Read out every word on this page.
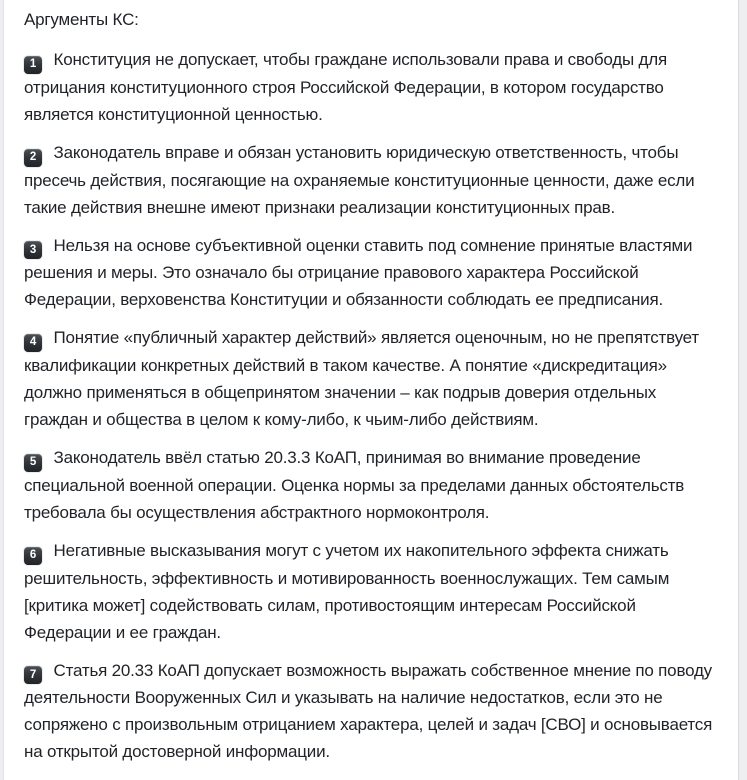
Аргументы КС:

1 Конституция не допускает, чтобы граждане использовали права и свободы для отрицания конституционного строя Российской Федерации, в котором государство является конституционной ценностью.

2 Законодатель вправе и обязан установить юридическую ответственность, чтобы пресечь действия, посягающие на охраняемые конституционные ценности, даже если такие действия внешне имеют признаки реализации конституционных прав.

3 Нельзя на основе субъективной оценки ставить под сомнение принятые властями решения и меры. Это означало бы отрицание правового характера Российской Федерации, верховенства Конституции и обязанности соблюдать ее предписания.

4 Понятие «публичный характер действий» является оценочным, но не препятствует квалификации конкретных действий в таком качестве. А понятие «дискредитация» должно применяться в общепринятом значении – как подрыв доверия отдельных граждан и общества в целом к кому-либо, к чьим-либо действиям.

5 Законодатель ввёл статью 20.3.3 КоАП, принимая во внимание проведение специальной военной операции. Оценка нормы за пределами данных обстоятельств требовала бы осуществления абстрактного нормоконтроля.

6 Негативные высказывания могут с учетом их накопительного эффекта снижать решительность, эффективность и мотивированность военнослужащих. Тем самым [критика может] содействовать силам, противостоящим интересам Российской Федерации и ее граждан.

7 Статья 20.33 КоАП допускает возможность выражать собственное мнение по поводу деятельности Вооруженных Сил и указывать на наличие недостатков, если это не сопряжено с произвольным отрицанием характера, целей и задач [СВО] и основывается на открытой достоверной информации.
